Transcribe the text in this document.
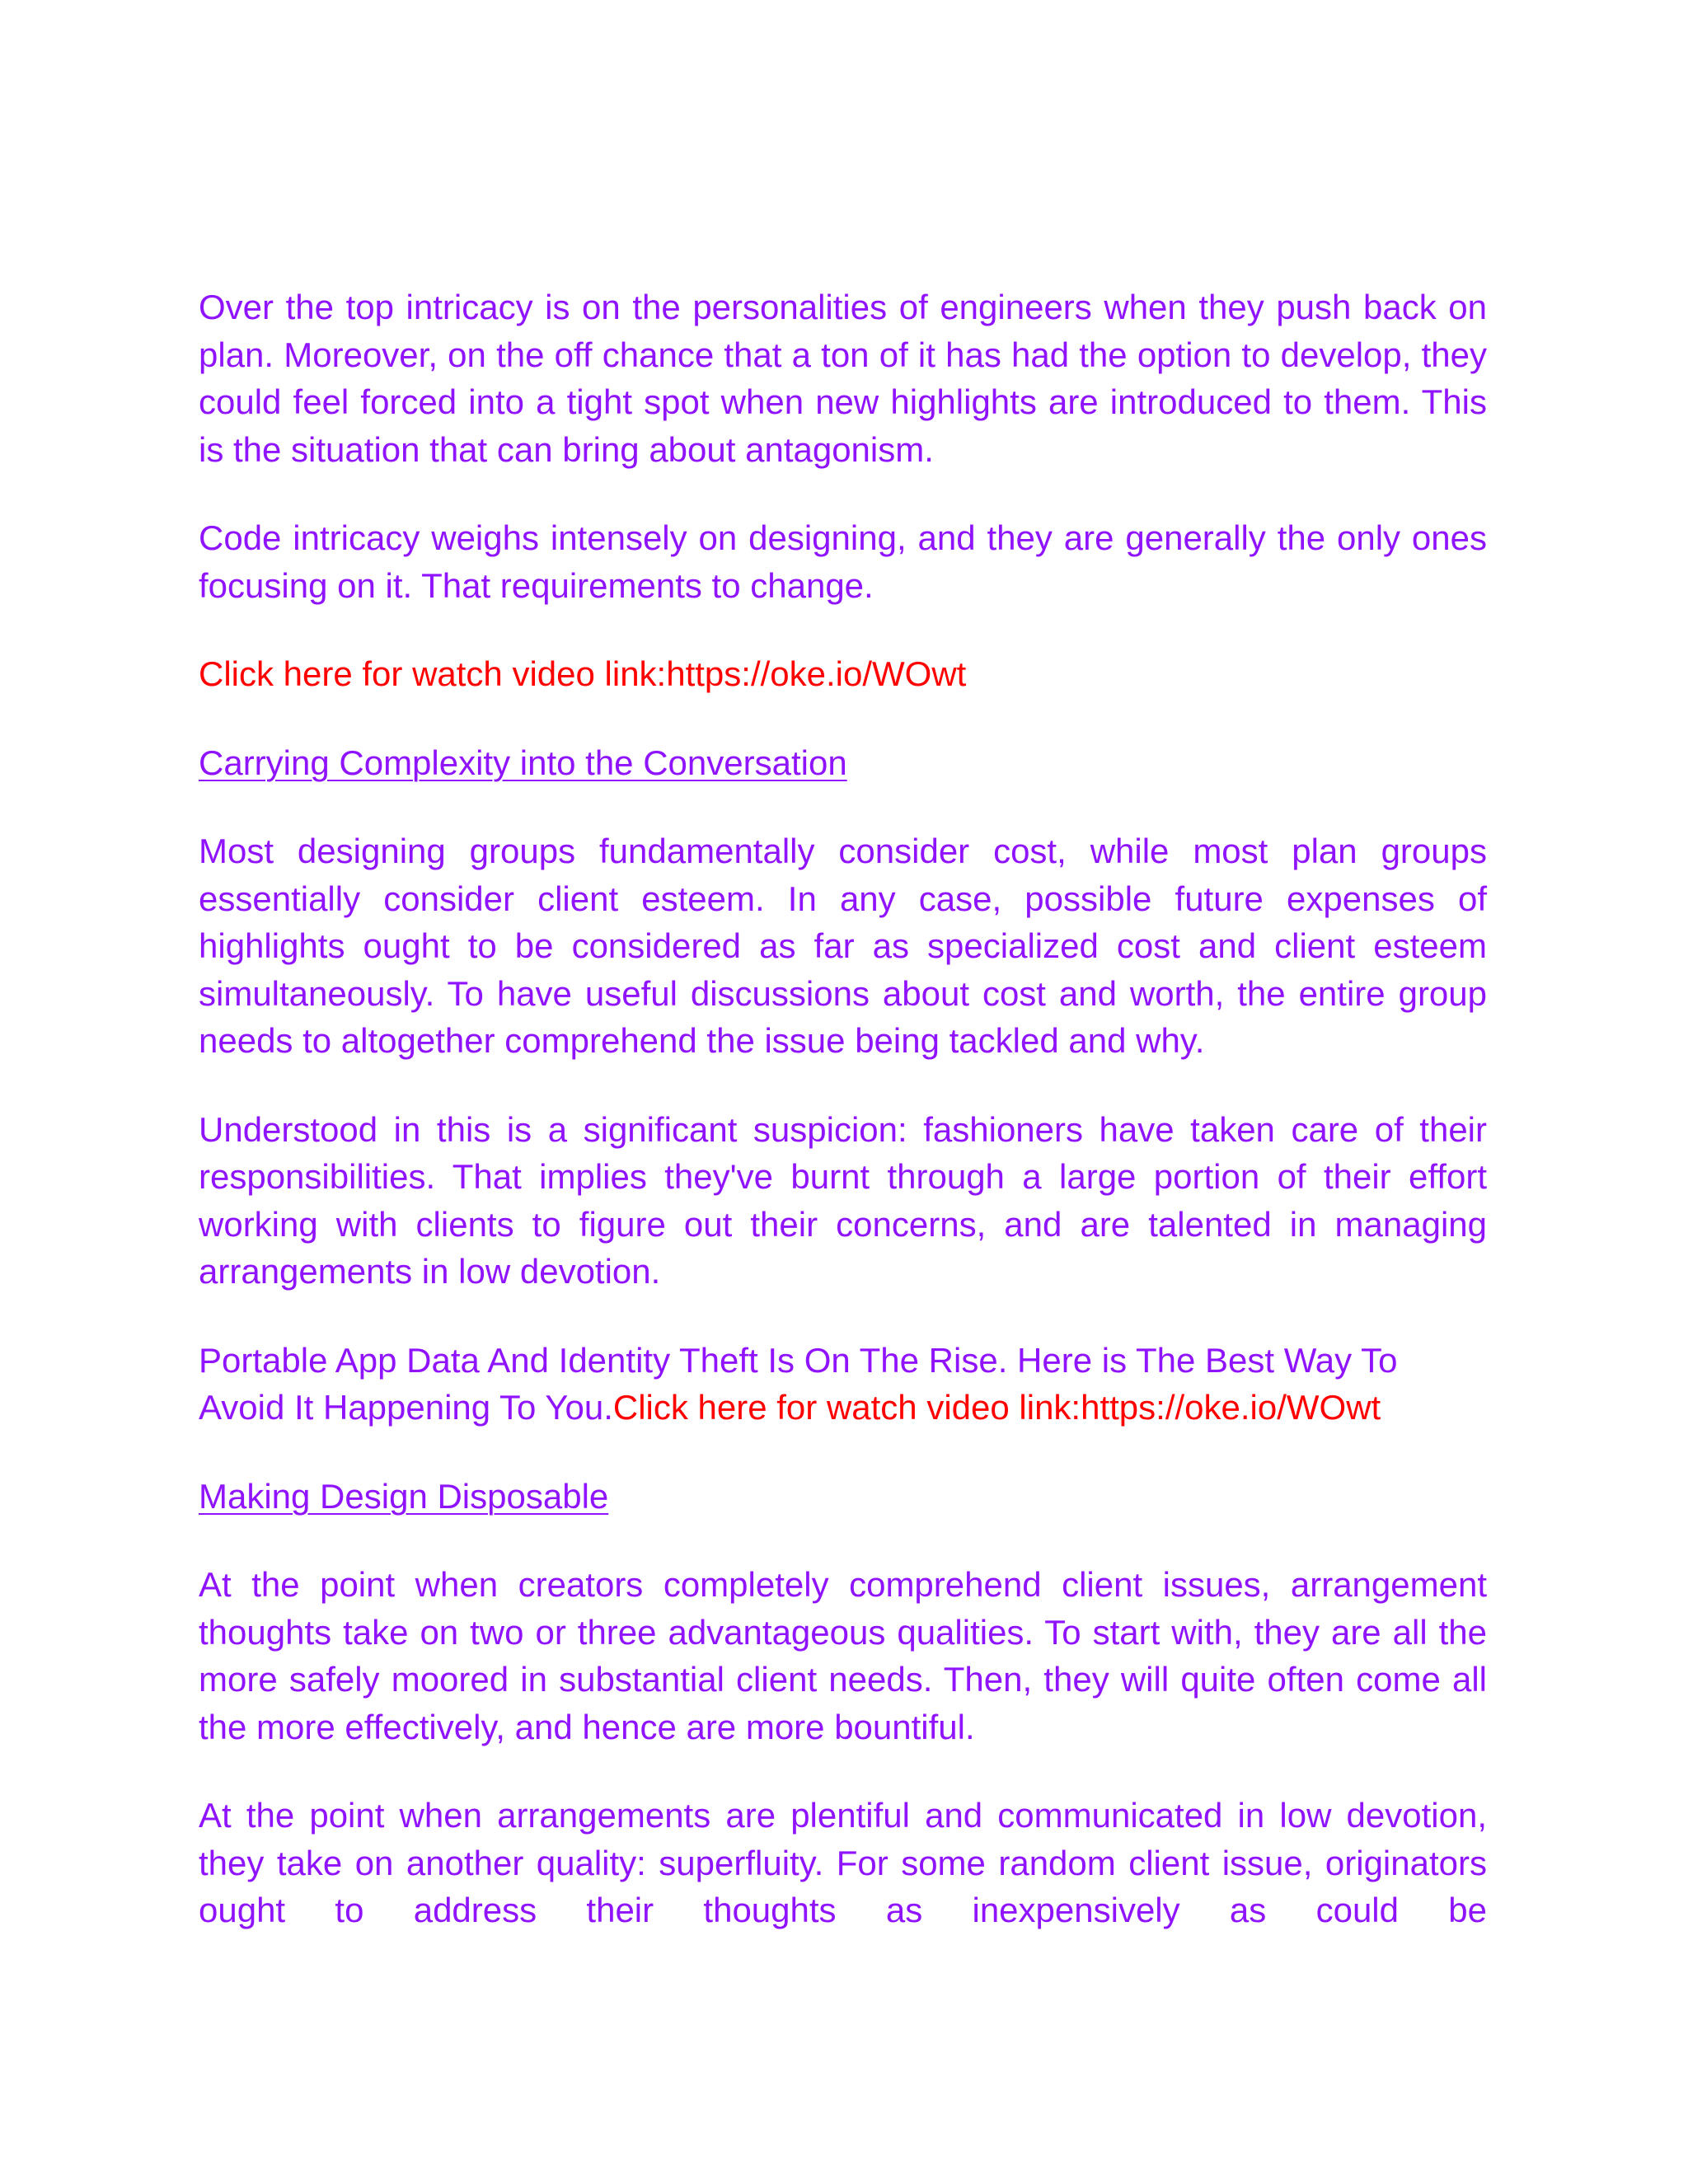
Over the top intricacy is on the personalities of engineers when they push back on plan. Moreover, on the off chance that a ton of it has had the option to develop, they could feel forced into a tight spot when new highlights are introduced to them. This is the situation that can bring about antagonism.

Code intricacy weighs intensely on designing, and they are generally the only ones focusing on it. That requirements to change.

Click here for watch video link:https://oke.io/WOwt

Carrying Complexity into the Conversation

Most designing groups fundamentally consider cost, while most plan groups essentially consider client esteem. In any case, possible future expenses of highlights ought to be considered as far as specialized cost and client esteem simultaneously. To have useful discussions about cost and worth, the entire group needs to altogether comprehend the issue being tackled and why.

Understood in this is a significant suspicion: fashioners have taken care of their responsibilities. That implies they've burnt through a large portion of their effort working with clients to figure out their concerns, and are talented in managing arrangements in low devotion.

Portable App Data And Identity Theft Is On The Rise. Here is The Best Way To Avoid It Happening To You.Click here for watch video link:https://oke.io/WOwt

Making Design Disposable

At the point when creators completely comprehend client issues, arrangement thoughts take on two or three advantageous qualities. To start with, they are all the more safely moored in substantial client needs. Then, they will quite often come all the more effectively, and hence are more bountiful.

At the point when arrangements are plentiful and communicated in low devotion, they take on another quality: superfluity. For some random client issue, originators ought to address their thoughts as inexpensively as could be
